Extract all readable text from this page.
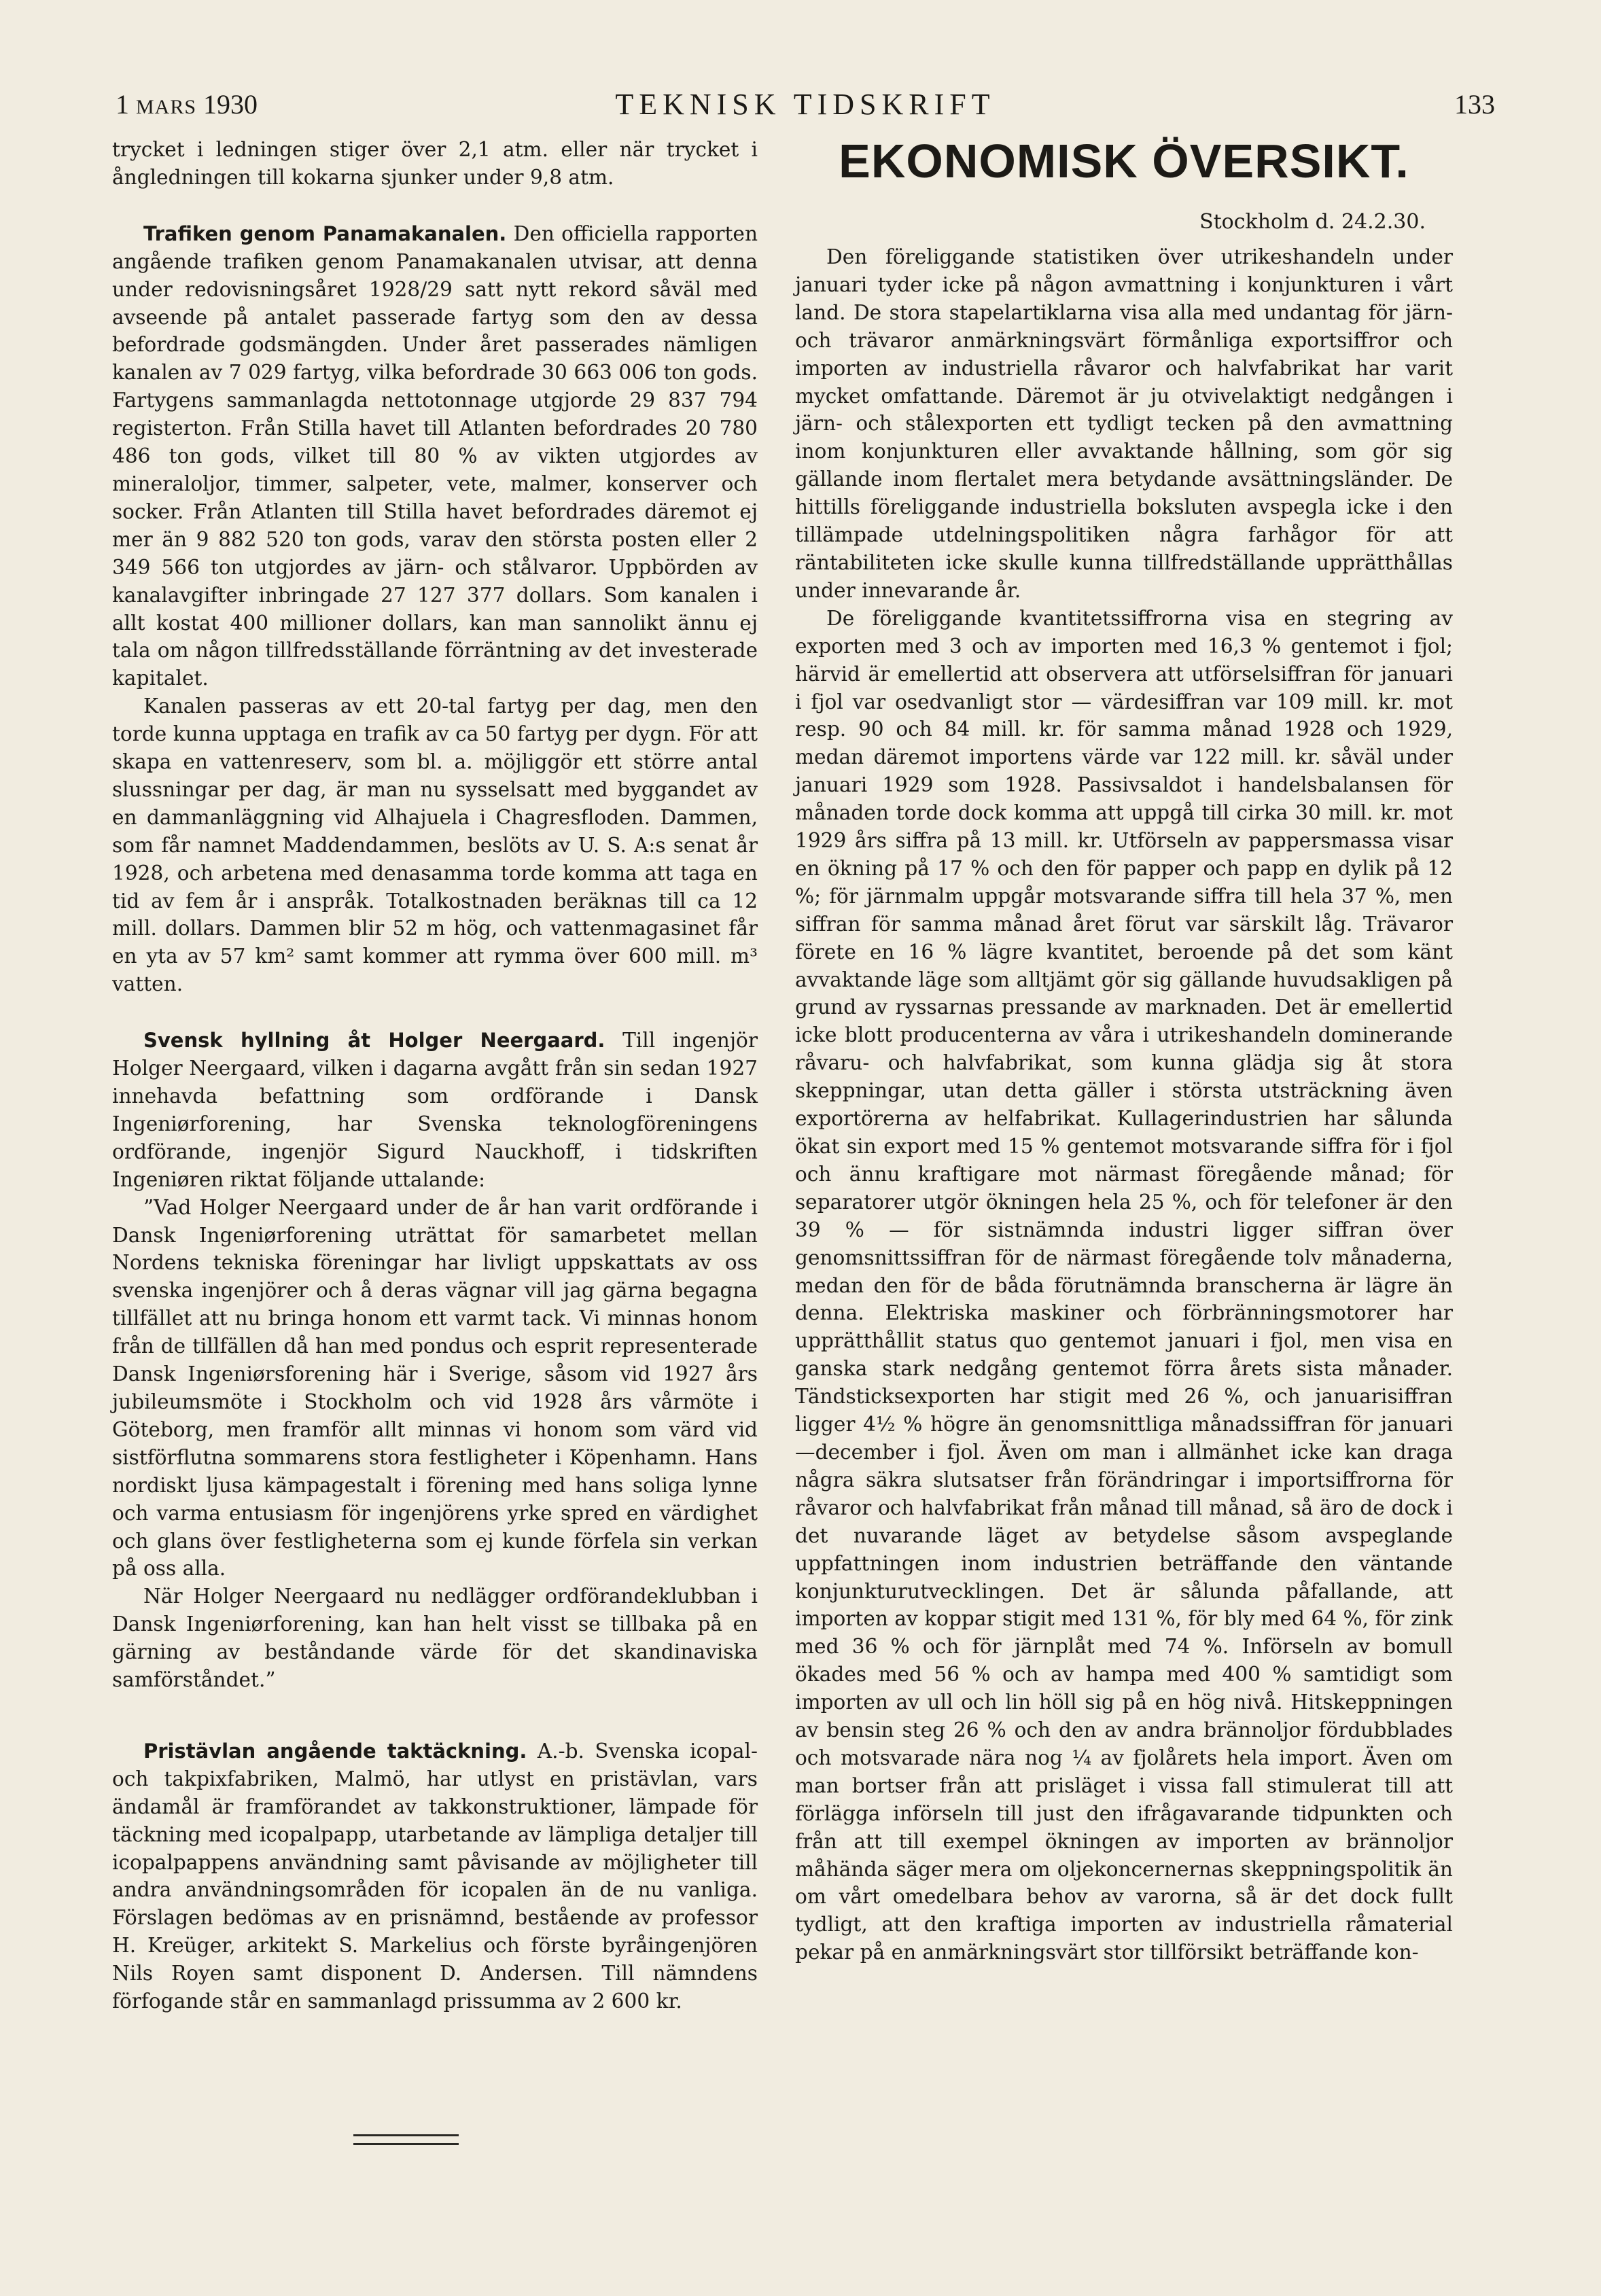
1 MARS 1930	TEKNISK TIDSKRIFT	133

trycket i ledningen stiger över 2,1 atm. eller när trycket i ångledningen till kokarna sjunker under 9,8 atm.

Trafiken genom Panamakanalen. Den officiella rapporten angående trafiken genom Panamakanalen utvisar, att denna under redovisningsåret 1928/29 satt nytt rekord såväl med avseende på antalet passerade fartyg som den av dessa befordrade godsmängden. Under året passerades nämligen kanalen av 7 029 fartyg, vilka befordrade 30 663 006 ton gods. Fartygens sammanlagda nettotonnage utgjorde 29 837 794 registerton. Från Stilla havet till Atlanten befordrades 20 780 486 ton gods, vilket till 80 % av vikten utgjordes av mineraloljor, timmer, salpeter, vete, malmer, konserver och socker. Från Atlanten till Stilla havet befordrades däremot ej mer än 9 882 520 ton gods, varav den största posten eller 2 349 566 ton utgjordes av järn- och stålvaror. Uppbörden av kanalavgifter inbringade 27 127 377 dollars. Som kanalen i allt kostat 400 millioner dollars, kan man sannolikt ännu ej tala om någon tillfredsställande förräntning av det investerade kapitalet.

Kanalen passeras av ett 20-tal fartyg per dag, men den torde kunna upptaga en trafik av ca 50 fartyg per dygn. För att skapa en vattenreserv, som bl. a. möjliggör ett större antal slussningar per dag, är man nu sysselsatt med byggandet av en dammanläggning vid Alhajuela i Chagresfloden. Dammen, som får namnet Maddendammen, beslöts av U. S. A:s senat år 1928, och arbetena med denasamma torde komma att taga en tid av fem år i anspråk. Totalkostnaden beräknas till ca 12 mill. dollars. Dammen blir 52 m hög, och vattenmagasinet får en yta av 57 km² samt kommer att rymma över 600 mill. m³ vatten.

Svensk hyllning åt Holger Neergaard. Till ingenjör Holger Neergaard, vilken i dagarna avgått från sin sedan 1927 innehavda befattning som ordförande i Dansk Ingeniørforening, har Svenska teknologföreningens ordförande, ingenjör Sigurd Nauckhoff, i tidskriften Ingeniøren riktat följande uttalande:

”Vad Holger Neergaard under de år han varit ordförande i Dansk Ingeniørforening uträttat för samarbetet mellan Nordens tekniska föreningar har livligt uppskattats av oss svenska ingenjörer och å deras vägnar vill jag gärna begagna tillfället att nu bringa honom ett varmt tack. Vi minnas honom från de tillfällen då han med pondus och esprit representerade Dansk Ingeniørsforening här i Sverige, såsom vid 1927 års jubileumsmöte i Stockholm och vid 1928 års vårmöte i Göteborg, men framför allt minnas vi honom som värd vid sistförflutna sommarens stora festligheter i Köpenhamn. Hans nordiskt ljusa kämpagestalt i förening med hans soliga lynne och varma entusiasm för ingenjörens yrke spred en värdighet och glans över festligheterna som ej kunde förfela sin verkan på oss alla.

När Holger Neergaard nu nedlägger ordförandeklubban i Dansk Ingeniørforening, kan han helt visst se tillbaka på en gärning av beståndande värde för det skandinaviska samförståndet.”

Pristävlan angående taktäckning. A.-b. Svenska icopal- och takpixfabriken, Malmö, har utlyst en pristävlan, vars ändamål är framförandet av takkonstruktioner, lämpade för täckning med icopalpapp, utarbetande av lämpliga detaljer till icopalpappens användning samt påvisande av möjligheter till andra användningsområden för icopalen än de nu vanliga. Förslagen bedömas av en prisnämnd, bestående av professor H. Kreüger, arkitekt S. Markelius och förste byråingenjören Nils Royen samt disponent D. Andersen. Till nämndens förfogande står en sammanlagd prissumma av 2 600 kr.

EKONOMISK ÖVERSIKT.
Stockholm d. 24.2.30.

Den föreliggande statistiken över utrikeshandeln under januari tyder icke på någon avmattning i konjunkturen i vårt land. De stora stapelartiklarna visa alla med undantag för järn- och trävaror anmärkningsvärt förmånliga exportsiffror och importen av industriella råvaror och halvfabrikat har varit mycket omfattande. Däremot är ju otvivelaktigt nedgången i järn- och stålexporten ett tydligt tecken på den avmattning inom konjunkturen eller avvaktande hållning, som gör sig gällande inom flertalet mera betydande avsättningsländer. De hittills föreliggande industriella boksluten avspegla icke i den tillämpade utdelningspolitiken några farhågor för att räntabiliteten icke skulle kunna tillfredställande upprätthållas under innevarande år.

De föreliggande kvantitetssiffrorna visa en stegring av exporten med 3 och av importen med 16,3 % gentemot i fjol; härvid är emellertid att observera att utförselsiffran för januari i fjol var osedvanligt stor — värdesiffran var 109 mill. kr. mot resp. 90 och 84 mill. kr. för samma månad 1928 och 1929, medan däremot importens värde var 122 mill. kr. såväl under januari 1929 som 1928. Passivsaldot i handelsbalansen för månaden torde dock komma att uppgå till cirka 30 mill. kr. mot 1929 års siffra på 13 mill. kr. Utförseln av pappersmassa visar en ökning på 17 % och den för papper och papp en dylik på 12 %; för järnmalm uppgår motsvarande siffra till hela 37 %, men siffran för samma månad året förut var särskilt låg. Trävaror förete en 16 % lägre kvantitet, beroende på det som känt avvaktande läge som alltjämt gör sig gällande huvudsakligen på grund av ryssarnas pressande av marknaden. Det är emellertid icke blott producenterna av våra i utrikeshandeln dominerande råvaru- och halvfabrikat, som kunna glädja sig åt stora skeppningar, utan detta gäller i största utsträckning även exportörerna av helfabrikat. Kullagerindustrien har sålunda ökat sin export med 15 % gentemot motsvarande siffra för i fjol och ännu kraftigare mot närmast föregående månad; för separatorer utgör ökningen hela 25 %, och för telefoner är den 39 % — för sistnämnda industri ligger siffran över genomsnittssiffran för de närmast föregående tolv månaderna, medan den för de båda förutnämnda branscherna är lägre än denna. Elektriska maskiner och förbränningsmotorer har upprätthållit status quo gentemot januari i fjol, men visa en ganska stark nedgång gentemot förra årets sista månader. Tändsticksexporten har stigit med 26 %, och januarisiffran ligger 4½ % högre än genomsnittliga månadssiffran för januari—december i fjol. Även om man i allmänhet icke kan draga några säkra slutsatser från förändringar i importsiffrorna för råvaror och halvfabrikat från månad till månad, så äro de dock i det nuvarande läget av betydelse såsom avspeglande uppfattningen inom industrien beträffande den väntande konjunkturutvecklingen. Det är sålunda påfallande, att importen av koppar stigit med 131 %, för bly med 64 %, för zink med 36 % och för järnplåt med 74 %. Införseln av bomull ökades med 56 % och av hampa med 400 % samtidigt som importen av ull och lin höll sig på en hög nivå. Hitskeppningen av bensin steg 26 % och den av andra brännoljor fördubblades och motsvarade nära nog ¼ av fjolårets hela import. Även om man bortser från att prisläget i vissa fall stimulerat till att förlägga införseln till just den ifrågavarande tidpunkten och från att till exempel ökningen av importen av brännoljor måhända säger mera om oljekoncernernas skeppningspolitik än om vårt omedelbara behov av varorna, så är det dock fullt tydligt, att den kraftiga importen av industriella råmaterial pekar på en anmärkningsvärt stor tillförsikt beträffande kon-
